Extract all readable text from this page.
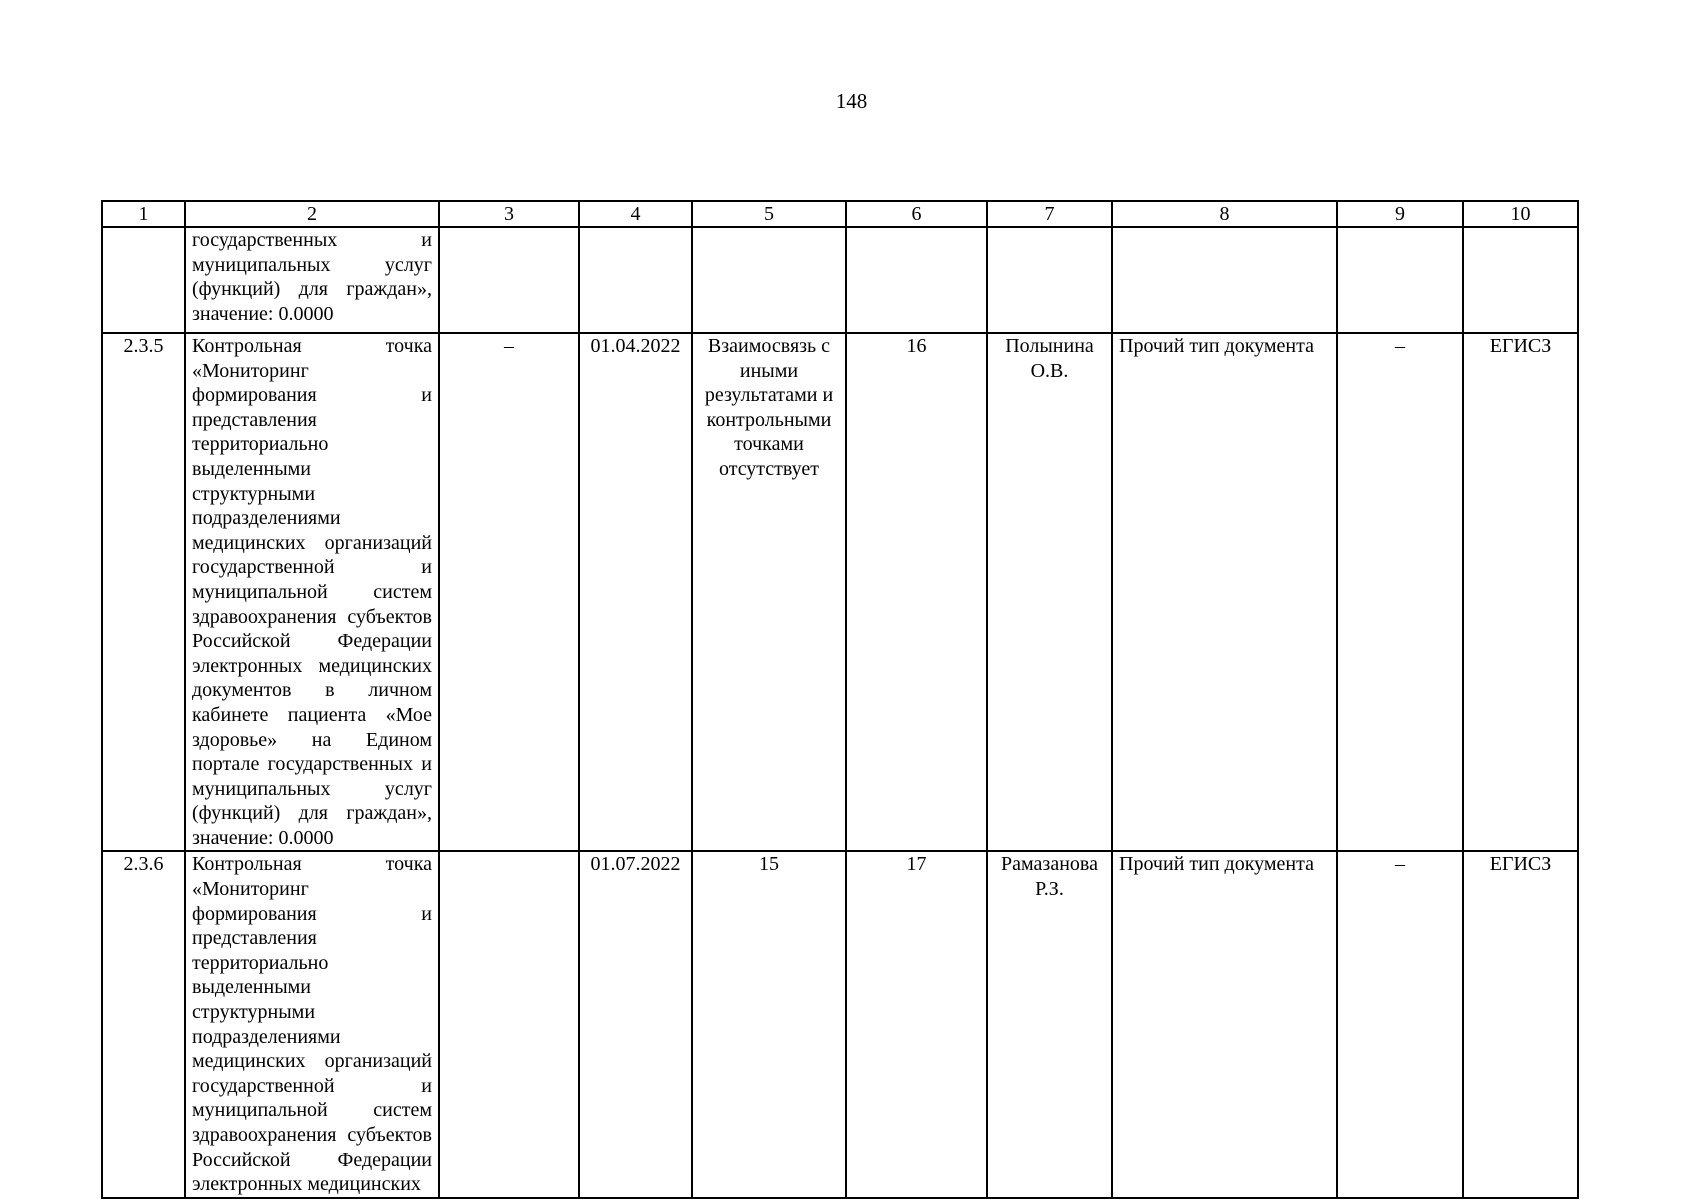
148
1	2	3	4	5	6	7	8	9	10
	государственных и муниципальных услуг (функций) для граждан», значение: 0.0000								
2.3.5	Контрольная точка «Мониторинг формирования и представления территориально выделенными структурными подразделениями медицинских организаций государственной и муниципальной систем здравоохранения субъектов Российской Федерации электронных медицинских документов в личном кабинете пациента «Мое здоровье» на Едином портале государственных и муниципальных услуг (функций) для граждан», значение: 0.0000	–	01.04.2022	Взаимосвязь с иными результатами и контрольными точками отсутствует	16	Полынина О.В.	Прочий тип документа	–	ЕГИСЗ
2.3.6	Контрольная точка «Мониторинг формирования и представления территориально выделенными структурными подразделениями медицинских организаций государственной и муниципальной систем здравоохранения субъектов Российской Федерации электронных медицинских		01.07.2022	15	17	Рамазанова Р.З.	Прочий тип документа	–	ЕГИСЗ
